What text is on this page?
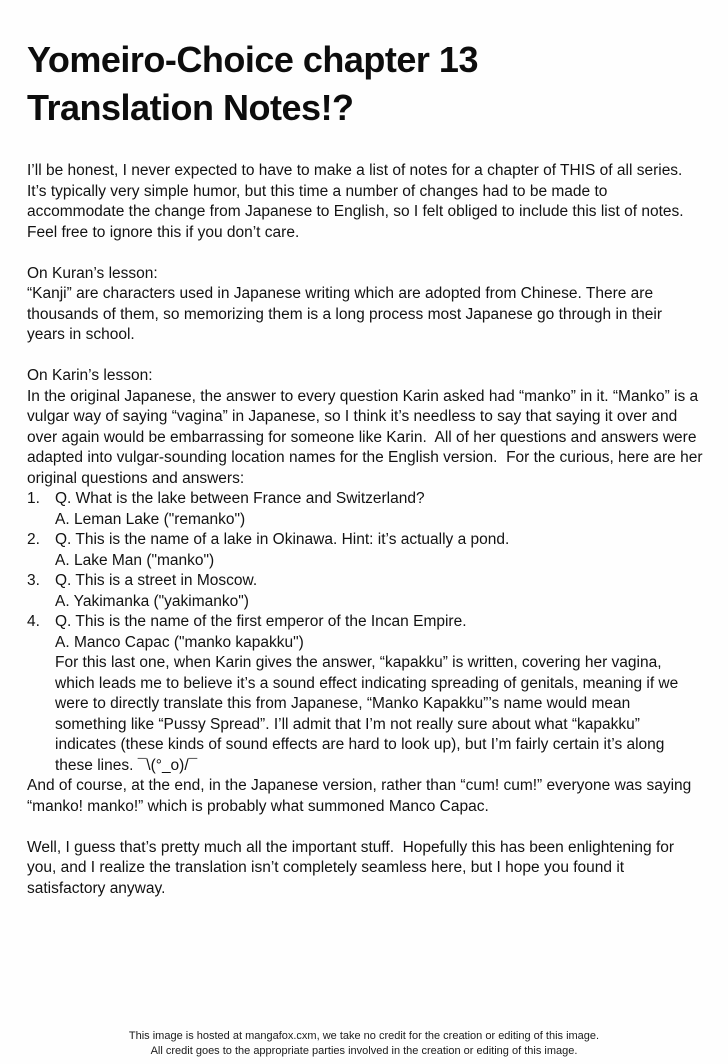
Yomeiro-Choice chapter 13
Translation Notes!?
I’ll be honest, I never expected to have to make a list of notes for a chapter of THIS of all series.  It’s typically very simple humor, but this time a number of changes had to be made to accommodate the change from Japanese to English, so I felt obliged to include this list of notes.  Feel free to ignore this if you don’t care.
On Kuran’s lesson:
“Kanji” are characters used in Japanese writing which are adopted from Chinese. There are thousands of them, so memorizing them is a long process most Japanese go through in their years in school.
On Karin’s lesson:
In the original Japanese, the answer to every question Karin asked had “manko” in it. “Manko” is a vulgar way of saying “vagina” in Japanese, so I think it’s needless to say that saying it over and over again would be embarrassing for someone like Karin.  All of her questions and answers were adapted into vulgar-sounding location names for the English version.  For the curious, here are her original questions and answers:
1. Q. What is the lake between France and Switzerland?
A. Leman Lake ("remanko")
2. Q. This is the name of a lake in Okinawa. Hint: it’s actually a pond.
A. Lake Man ("manko")
3. Q. This is a street in Moscow.
A. Yakimanka ("yakimanko")
4. Q. This is the name of the first emperor of the Incan Empire.
A. Manco Capac ("manko kapakku")
For this last one, when Karin gives the answer, “kapakku” is written, covering her vagina, which leads me to believe it’s a sound effect indicating spreading of genitals, meaning if we were to directly translate this from Japanese, “Manko Kapakku”’s name would mean something like “Pussy Spread”. I’ll admit that I’m not really sure about what “kapakku” indicates (these kinds of sound effects are hard to look up), but I’m fairly certain it’s along these lines. ¯\(°_o)/¯
And of course, at the end, in the Japanese version, rather than “cum! cum!” everyone was saying “manko! manko!” which is probably what summoned Manco Capac.
Well, I guess that’s pretty much all the important stuff.  Hopefully this has been enlightening for you, and I realize the translation isn’t completely seamless here, but I hope you found it satisfactory anyway.
This image is hosted at mangafox.cxm, we take no credit for the creation or editing of this image.
All credit goes to the appropriate parties involved in the creation or editing of this image.
